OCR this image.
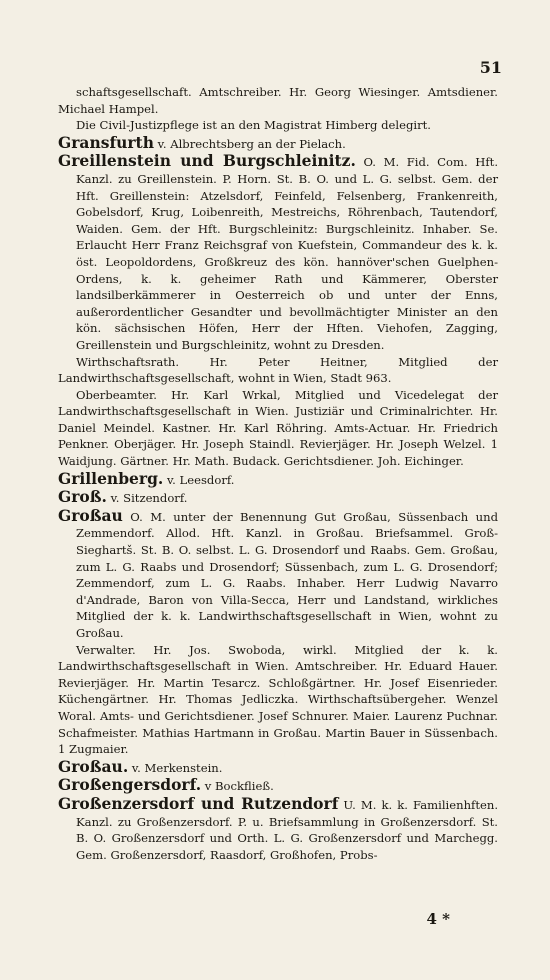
51

schaftsgesellschaft. Amtschreiber. Hr. Georg Wiesinger. Amtsdiener. Michael Hampel.

Die Civil-Justizpflege ist an den Magistrat Himberg delegirt.

Gransfurth v. Albrechtsberg an der Pielach.

Greillenstein und Burgschleinitz. O. M. Fid. Com. Hft. Kanzl. zu Greillenstein. P. Horn. St. B. O. und L. G. selbst. Gem. der Hft. Greillenstein: Atzelsdorf, Feinfeld, Felsenberg, Frankenreith, Gobelsdorf, Krug, Loibenreith, Mestreichs, Röhrenbach, Tautendorf, Waiden. Gem. der Hft. Burgschleinitz: Burgschleinitz. Inhaber. Se. Erlaucht Herr Franz Reichsgraf von Kuefstein, Commandeur des k. k. öst. Leopoldordens, Großkreuz des kön. hannöver'schen Guelphen-Ordens, k. k. geheimer Rath und Kämmerer, Oberster landsilberkämmerer in Oesterreich ob und unter der Enns, außerordentlicher Gesandter und bevollmächtigter Minister an den kön. sächsischen Höfen, Herr der Hften. Viehofen, Zagging, Greillenstein und Burgschleinitz, wohnt zu Dresden.

Wirthschaftsrath. Hr. Peter Heitner, Mitglied der Landwirthschaftsgesellschaft, wohnt in Wien, Stadt 963.

Oberbeamter. Hr. Karl Wrkal, Mitglied und Vicedelegat der Landwirthschaftsgesellschaft in Wien. Justiziär und Criminalrichter. Hr. Daniel Meindel. Kastner. Hr. Karl Röhring. Amts-Actuar. Hr. Friedrich Penkner. Oberjäger. Hr. Joseph Staindl. Revierjäger. Hr. Joseph Welzel. 1 Waidjung. Gärtner. Hr. Math. Budack. Gerichtsdiener. Joh. Eichinger.

Grillenberg. v. Leesdorf.

Groß. v. Sitzendorf.

Großau O. M. unter der Benennung Gut Großau, Süssenbach und Zemmendorf. Allod. Hft. Kanzl. in Großau. Briefsammel. Groß-Sieghartš. St. B. O. selbst. L. G. Drosendorf und Raabs. Gem. Großau, zum L. G. Raabs und Drosendorf; Süssenbach, zum L. G. Drosendorf; Zemmendorf, zum L. G. Raabs. Inhaber. Herr Ludwig Navarro d'Andrade, Baron von Villa-Secca, Herr und Landstand, wirkliches Mitglied der k. k. Landwirthschaftsgesellschaft in Wien, wohnt zu Großau.

Verwalter. Hr. Jos. Swoboda, wirkl. Mitglied der k. k. Landwirthschaftsgesellschaft in Wien. Amtschreiber. Hr. Eduard Hauer. Revierjäger. Hr. Martin Tesarcz. Schloßgärtner. Hr. Josef Eisenrieder. Küchengärtner. Hr. Thomas Jedliczka. Wirthschaftsübergeher. Wenzel Woral. Amts- und Gerichtsdiener. Josef Schnurer. Maier. Laurenz Puchnar. Schafmeister. Mathias Hartmann in Großau. Martin Bauer in Süssenbach. 1 Zugmaier.

Großau. v. Merkenstein.

Großengersdorf. v Bockfließ.

Großenzersdorf und Rutzendorf U. M. k. k. Familienhften. Kanzl. zu Großenzersdorf. P. u. Briefsammlung in Großenzersdorf. St. B. O. Großenzersdorf und Orth. L. G. Großenzersdorf und Marchegg. Gem. Großenzersdorf, Raasdorf, Großhofen, Probs-

4 *
